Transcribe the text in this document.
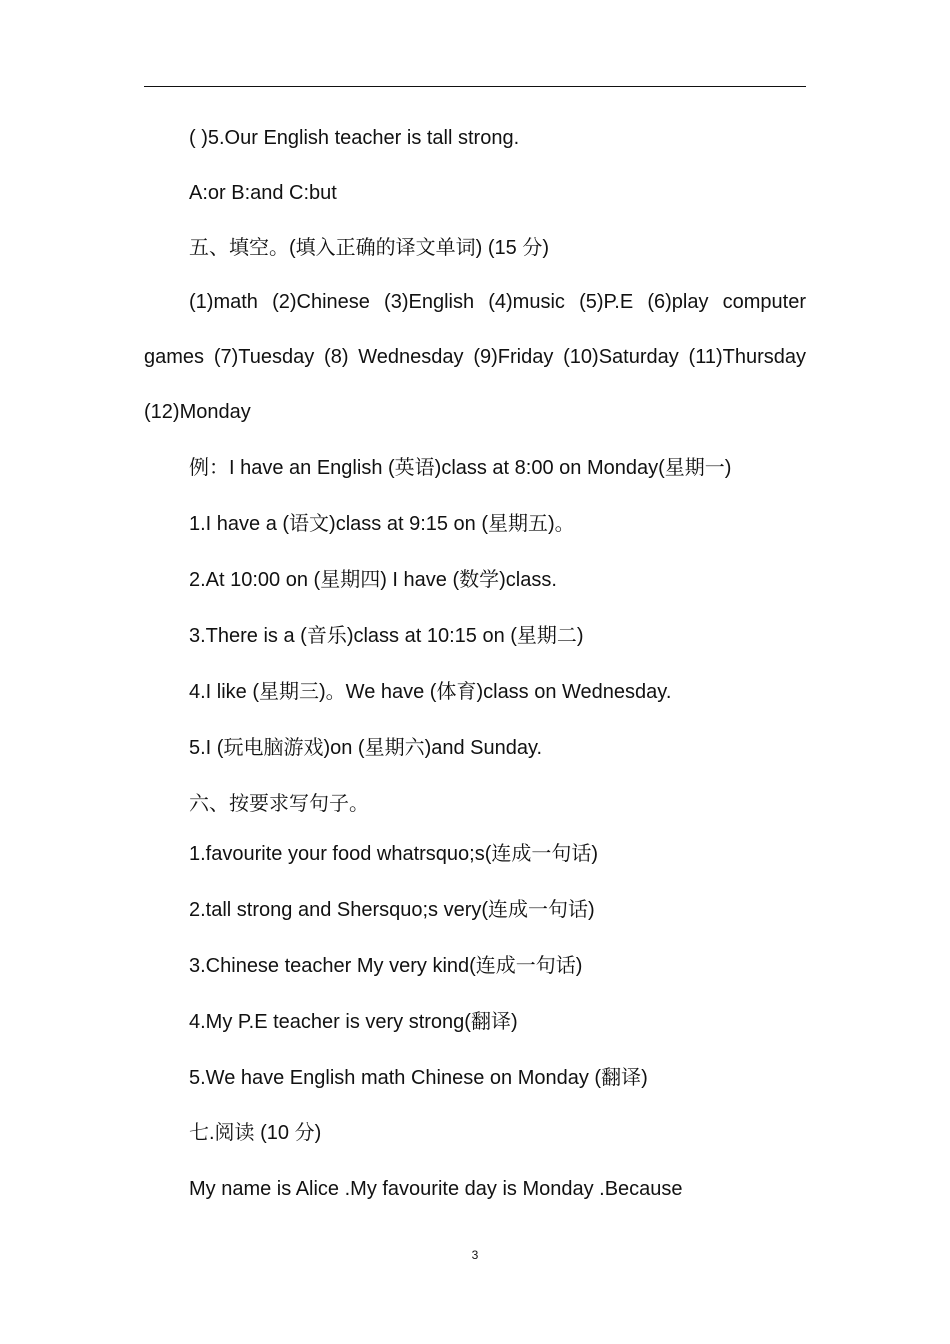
( )5.Our English teacher is tall strong.
A:or B:and C:but
五、填空。(填入正确的译文单词) (15 分)
(1)math (2)Chinese (3)English (4)music (5)P.E (6)play computer games (7)Tuesday (8) Wednesday (9)Friday (10)Saturday (11)Thursday (12)Monday
例：I have an English (英语)class at 8:00 on Monday(星期一)
1.I have a (语文)class at 9:15 on (星期五)。
2.At 10:00 on (星期四) I have (数学)class.
3.There is a (音乐)class at 10:15 on (星期二)
4.I like (星期三)。We have (体育)class on Wednesday.
5.I (玩电脑游戏)on (星期六)and Sunday.
六、按要求写句子。
1.favourite your food whatrsquo;s(连成一句话)
2.tall strong and Shersquo;s very(连成一句话)
3.Chinese teacher My very kind(连成一句话)
4.My P.E teacher is very strong(翻译)
5.We have English math Chinese on Monday (翻译)
七.阅读 (10 分)
My name is Alice .My favourite day is Monday .Because
3
